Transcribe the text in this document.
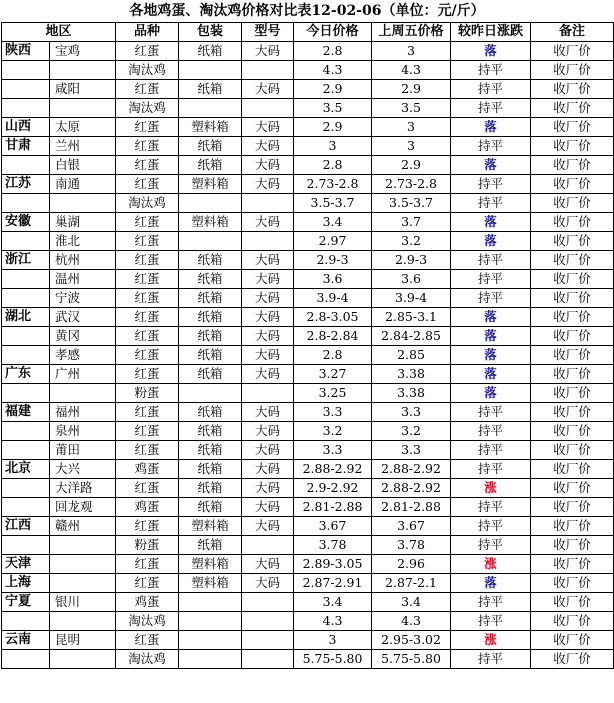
各地鸡蛋、淘汰鸡价格对比表12-02-06（单位：元/斤）
地区		品种	包装	型号	今日价格	上周五价格	较昨日涨跌	备注
陕西	宝鸡	红蛋	纸箱	大码	2.8	3	落	收厂价
		淘汰鸡			4.3	4.3	持平	收厂价
	咸阳	红蛋	纸箱	大码	2.9	2.9	持平	收厂价
		淘汰鸡			3.5	3.5	持平	收厂价
山西	太原	红蛋	塑料箱	大码	2.9	3	落	收厂价
甘肃	兰州	红蛋	纸箱	大码	3	3	持平	收厂价
	白银	红蛋	纸箱	大码	2.8	2.9	落	收厂价
江苏	南通	红蛋	塑料箱	大码	2.73-2.8	2.73-2.8	持平	收厂价
		淘汰鸡			3.5-3.7	3.5-3.7	持平	收厂价
安徽	巢湖	红蛋	塑料箱	大码	3.4	3.7	落	收厂价
	淮北	红蛋			2.97	3.2	落	收厂价
浙江	杭州	红蛋	纸箱	大码	2.9-3	2.9-3	持平	收厂价
	温州	红蛋	纸箱	大码	3.6	3.6	持平	收厂价
	宁波	红蛋	纸箱	大码	3.9-4	3.9-4	持平	收厂价
湖北	武汉	红蛋	纸箱	大码	2.8-3.05	2.85-3.1	落	收厂价
	黄冈	红蛋	纸箱	大码	2.8-2.84	2.84-2.85	落	收厂价
	孝感	红蛋	纸箱	大码	2.8	2.85	落	收厂价
广东	广州	红蛋	纸箱	大码	3.27	3.38	落	收厂价
		粉蛋			3.25	3.38	落	收厂价
福建	福州	红蛋	纸箱	大码	3.3	3.3	持平	收厂价
	泉州	红蛋	纸箱	大码	3.2	3.2	持平	收厂价
	莆田	红蛋	纸箱	大码	3.3	3.3	持平	收厂价
北京	大兴	鸡蛋	纸箱	大码	2.88-2.92	2.88-2.92	持平	收厂价
	大洋路	红蛋	纸箱	大码	2.9-2.92	2.88-2.92	涨	收厂价
	回龙观	鸡蛋	纸箱	大码	2.81-2.88	2.81-2.88	持平	收厂价
江西	赣州	红蛋	塑料箱	大码	3.67	3.67	持平	收厂价
		粉蛋	纸箱		3.78	3.78	持平	收厂价
天津		红蛋	塑料箱	大码	2.89-3.05	2.96	涨	收厂价
上海		红蛋	塑料箱	大码	2.87-2.91	2.87-2.1	落	收厂价
宁夏	银川	鸡蛋			3.4	3.4	持平	收厂价
		淘汰鸡			4.3	4.3	持平	收厂价
云南	昆明	红蛋			3	2.95-3.02	涨	收厂价
		淘汰鸡			5.75-5.80	5.75-5.80	持平	收厂价
